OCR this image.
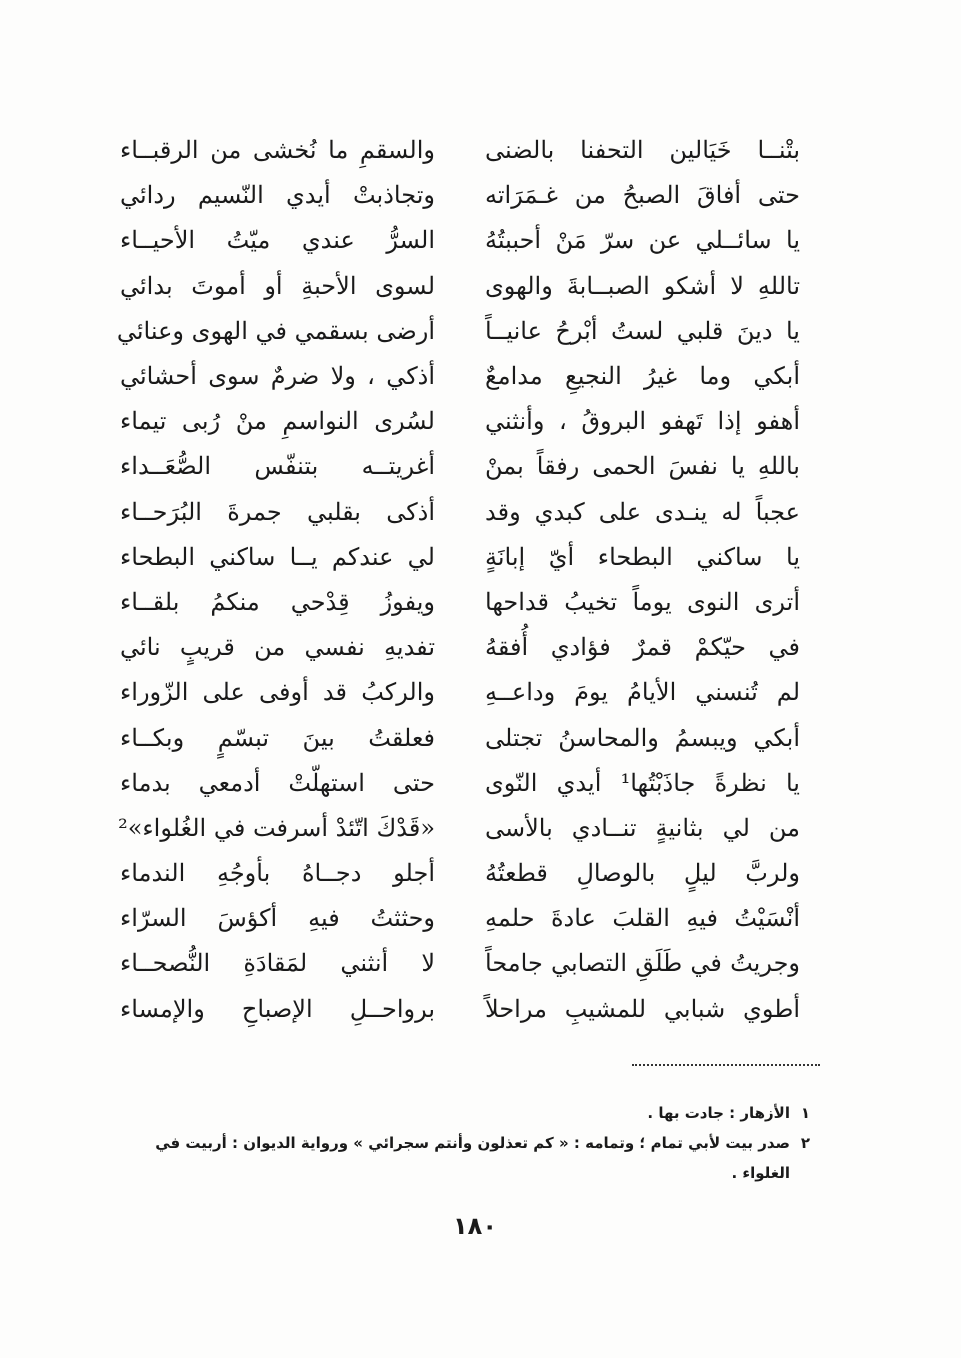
بتْنــا خَيَالين التحفنا بالضنى
والسقمِ ما نُخشى من الرقبــاء
حتى أفاقَ الصبحُ من غـمَرَاته
وتجاذبتْ أيدي النّسيم ردائي
يا سائــلي عن سرّ مَنْ أحببتُهُ
السرُّ عندي ميّتُ الأحيــاء
تاللهِ لا أشكو الصبــابةَ والهوى
لسوى الأحبةِ أو أموتَ بدائي
يا دينَ قلبي لستُ أبْرحُ عانيــاً
أرضى بسقمي في الهوى وعنائي
أبكي وما غيرُ النجيعِ مدامعٌ
أذكي ، ولا ضرمٌ سوى أحشائي
أهفو إذا تَهفو البروقُ ، وأنثني
لسُرى النواسمِ منْ رُبى تيماء
باللهِ يا نفسَ الحمى رفقاً بمنْ
أغريتــه بتنفّس الصُّعَــداء
عجباً له ينـدى على كبدي وقد
أذكى بقلبي جمرةَ البُرَحــاء
يا ساكني البطحاء أيّ إبانَةٍ
لي عندكم يــا ساكني البطحاء
أترى النوى يوماً تخيبُ قداحها
ويفوزُ قِدْحي منكمُ بلقــاء
في حيّكمْ قمرٌ فؤادي أُفقهُ
تفديهِ نفسي من قريبٍ نائي
لم تُنسني الأيامُ يومَ وداعــهِ
والركبُ قد أوفى على الزّوراء
أبكي ويبسمُ والمحاسنُ تجتلى
فعلقتُ بينَ تبسّمٍ وبكــاء
يا نظرةً جاذَبْتُها¹ أيدي النّوى
حتى استهلّتْ أدمعي بدماء
من لي بثانيةٍ تنــادي بالأسى
«قَدْكَ اتّئدْ أسرفت في الغُلواء»²
ولربَّ ليلٍ بالوصالِ قطعتُهُ
أجلو دجــاهُ بأوجُهِ الندماء
أنْسَيْتُ فيهِ القلبَ عادةَ حلمهِ
وحثثتُ فيهِ أكؤسَ السرّاء
وجريتُ في طَلَقِ التصابي جامحاً
لا أنثني لمَقادَةِ النُّصحــاء
أطوي شبابي للمشيبِ مراحلاً
برواحــلِ الإصباحِ والإمساء
١
الأزهار : جادت بها .
٢
صدر بيت لأبي تمام ؛ وتمامه : « كم تعذلون وأنتم سجرائي » ورواية الديوان : أربيت في الغلواء .
١٨٠
